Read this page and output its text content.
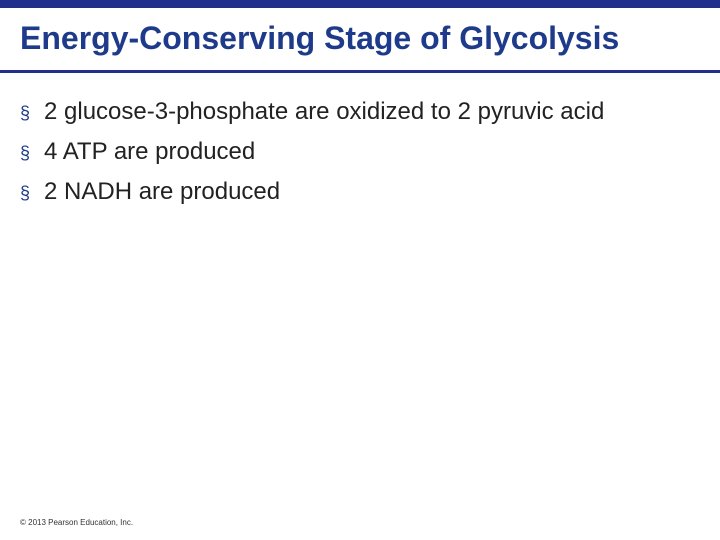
Energy-Conserving Stage of Glycolysis
§ 2 glucose-3-phosphate are oxidized to 2 pyruvic acid
§ 4 ATP are produced
§ 2 NADH are produced
© 2013 Pearson Education, Inc.
